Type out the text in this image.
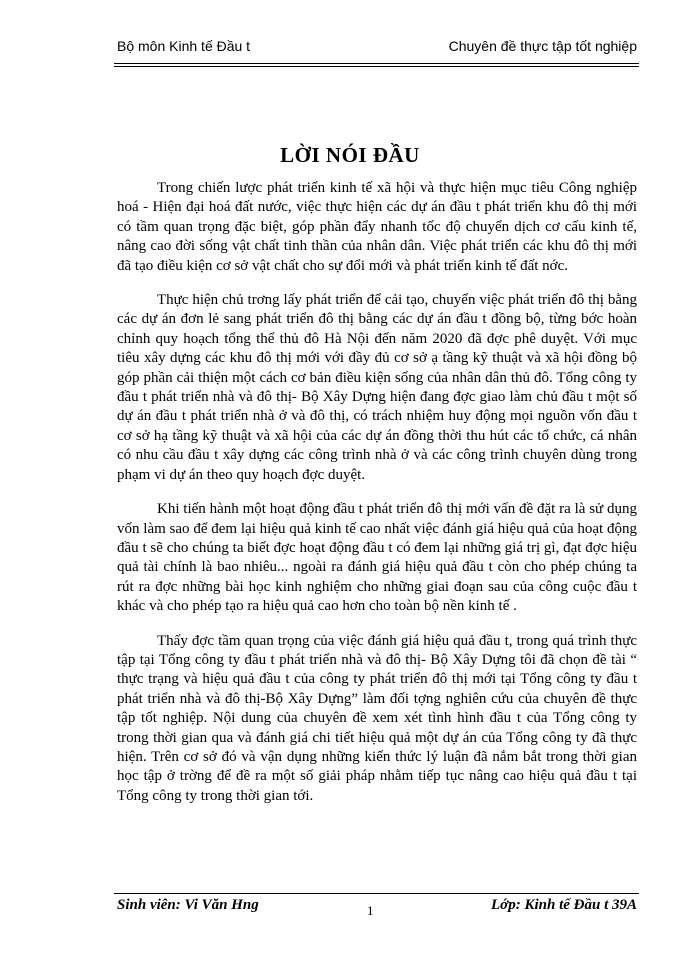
Bộ môn Kinh tế Đầu t	Chuyên đề thực tập tốt nghiệp
LỜI NÓI ĐẦU

Trong chiến lược phát triển kinh tế xã hội và thực hiện mục tiêu Công nghiệp hoá - Hiện đại hoá đất nước, việc thực hiện các dự án đầu t phát triển khu đô thị mới có tầm quan trọng đặc biệt, góp phần đẩy nhanh tốc độ chuyển dịch cơ cấu kinh tế, nâng cao đời sống vật chất tinh thần của nhân dân. Việc phát triển các khu đô thị mới đã tạo điều kiện cơ sở vật chất cho sự đổi mới và phát triển kinh tế đất nớc.

Thực hiện chủ trơng lấy phát triển để cải tạo, chuyển việc phát triển đô thị bằng các dự án đơn lẻ sang phát triển đô thị bằng các dự án đầu t đồng bộ, từng bớc hoàn chỉnh quy hoạch tổng thể thủ đô Hà Nội đến năm 2020 đã đợc phê duyệt. Với mục tiêu xây dựng các khu đô thị mới với đầy đủ cơ sở ạ tầng kỹ thuật và xã hội đồng bộ góp phần cải thiện một cách cơ bản điều kiện sống của nhân dân thủ đô. Tổng công ty đầu t phát triển nhà và đô thị- Bộ Xây Dựng hiện đang đợc giao làm chủ đầu t một số dự án đầu t phát triển nhà ở và đô thị, có trách nhiệm huy động mọi nguồn vốn đầu t cơ sở hạ tầng kỹ thuật và xã hội của các dự án đồng thời thu hút các tổ chức, cá nhân có nhu cầu đầu t xây dựng các công trình nhà ở và các công trình chuyên dùng trong phạm vi dự án theo quy hoạch đợc duyệt.

Khi tiến hành một hoạt động đầu t phát triển đô thị mới vấn đề đặt ra là sử dụng vốn làm sao để đem lại hiệu quả kinh tế cao nhất việc đánh giá hiệu quả của hoạt động đầu t sẽ cho chúng ta biết đợc hoạt động đầu t có đem lại những giá trị gì, đạt đợc hiệu quả tài chính là bao nhiêu... ngoài ra đánh giá hiệu quả đầu t còn cho phép chúng ta rút ra đợc những bài học kinh nghiệm cho những giai đoạn sau của công cuộc đầu t khác và cho phép tạo ra hiệu quả cao hơn cho toàn bộ nền kinh tế .

Thấy đợc tầm quan trọng của việc đánh giá hiệu quả đầu t, trong quá trình thực tập tại Tổng công ty đầu t phát triển nhà và đô thị- Bộ Xây Dựng tôi đã chọn đề tài “ thực trạng và hiệu quả đầu t của công ty phát triển đô thị mới tại Tổng công ty đầu t phát triển nhà và đô thị-Bộ Xây Dựng” làm đối tợng nghiên cứu của chuyên đề thực tập tốt nghiệp. Nội dung của chuyên đề xem xét tình hình đầu t của Tổng công ty trong thời gian qua và đánh giá chi tiết hiệu quả một dự án của Tổng công ty đã thực hiện. Trên cơ sở đó và vận dụng những kiến thức lý luận đã nắm bắt trong thời gian học tập ở trờng để đề ra một số giải pháp nhằm tiếp tục nâng cao hiệu quả đầu t tại Tổng công ty trong thời gian tới.

Sinh viên: Vi Văn Hng	1	Lớp: Kinh tế Đầu t 39A
